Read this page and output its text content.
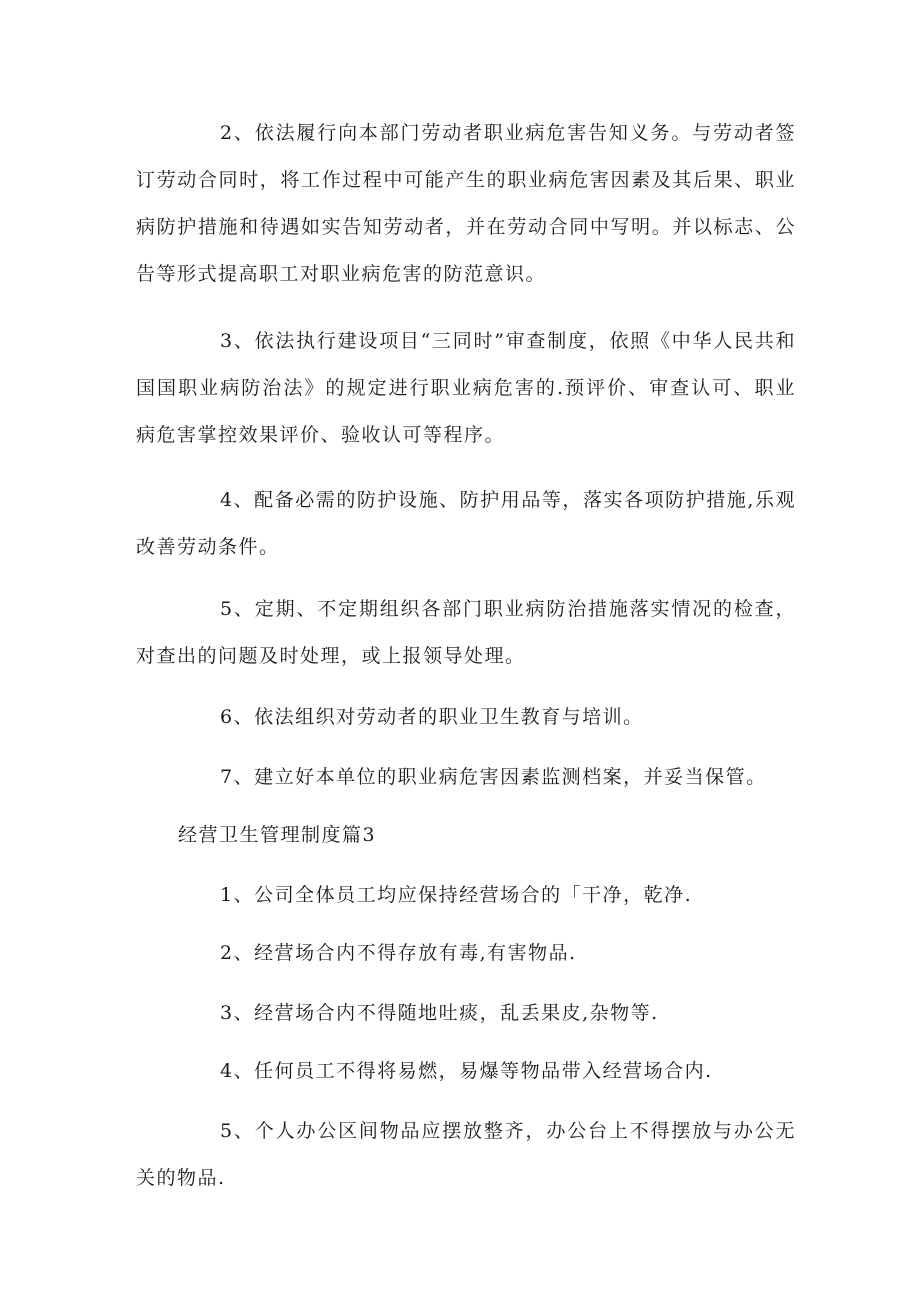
2、依法履行向本部门劳动者职业病危害告知义务。与劳动者签订劳动合同时，将工作过程中可能产生的职业病危害因素及其后果、职业病防护措施和待遇如实告知劳动者，并在劳动合同中写明。并以标志、公告等形式提高职工对职业病危害的防范意识。

3、依法执行建设项目“三同时”审查制度，依照《中华人民共和国国职业病防治法》的规定进行职业病危害的.预评价、审查认可、职业病危害掌控效果评价、验收认可等程序。

4、配备必需的防护设施、防护用品等，落实各项防护措施,乐观改善劳动条件。

5、定期、不定期组织各部门职业病防治措施落实情况的检查，对查出的问题及时处理，或上报领导处理。

6、依法组织对劳动者的职业卫生教育与培训。

7、建立好本单位的职业病危害因素监测档案，并妥当保管。

经营卫生管理制度篇3

1、公司全体员工均应保持经营场合的「干净，乾净.

2、经营场合内不得存放有毒,有害物品.

3、经营场合内不得随地吐痰，乱丢果皮,杂物等.

4、任何员工不得将易燃，易爆等物品带入经营场合内.

5、个人办公区间物品应摆放整齐，办公台上不得摆放与办公无关的物品.
